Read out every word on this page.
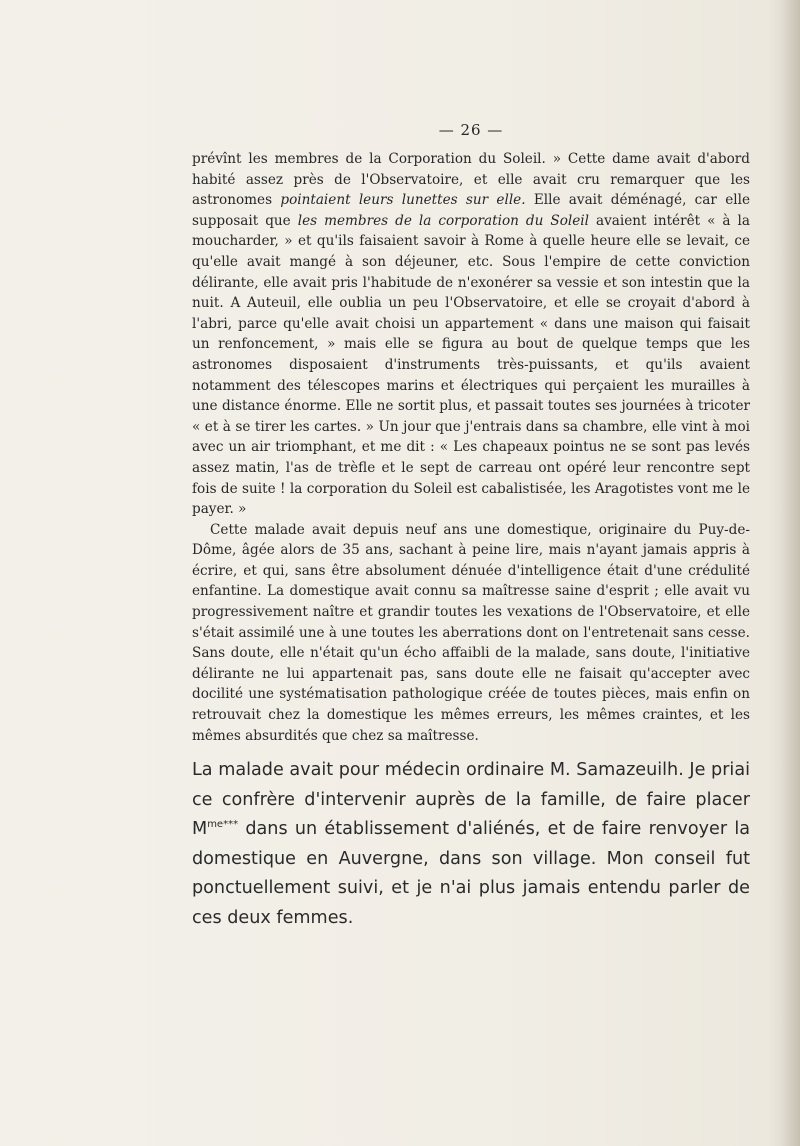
— 26 —

prévînt les membres de la Corporation du Soleil. » Cette dame avait d'abord habité assez près de l'Observatoire, et elle avait cru remarquer que les astronomes pointaient leurs lunettes sur elle. Elle avait déménagé, car elle supposait que les membres de la corporation du Soleil avaient intérêt « à la moucharder, » et qu'ils faisaient savoir à Rome à quelle heure elle se levait, ce qu'elle avait mangé à son déjeuner, etc. Sous l'empire de cette conviction délirante, elle avait pris l'habitude de n'exonérer sa vessie et son intestin que la nuit. A Auteuil, elle oublia un peu l'Observatoire, et elle se croyait d'abord à l'abri, parce qu'elle avait choisi un appartement « dans une maison qui faisait un renfoncement, » mais elle se figura au bout de quelque temps que les astronomes disposaient d'instruments très-puissants, et qu'ils avaient notamment des télescopes marins et électriques qui perçaient les murailles à une distance énorme. Elle ne sortit plus, et passait toutes ses journées à tricoter « et à se tirer les cartes. » Un jour que j'entrais dans sa chambre, elle vint à moi avec un air triomphant, et me dit : « Les chapeaux pointus ne se sont pas levés assez matin, l'as de trèfle et le sept de carreau ont opéré leur rencontre sept fois de suite ! la corporation du Soleil est cabalistisée, les Aragotistes vont me le payer. »

Cette malade avait depuis neuf ans une domestique, originaire du Puy-de-Dôme, âgée alors de 35 ans, sachant à peine lire, mais n'ayant jamais appris à écrire, et qui, sans être absolument dénuée d'intelligence était d'une crédulité enfantine. La domestique avait connu sa maîtresse saine d'esprit ; elle avait vu progressivement naître et grandir toutes les vexations de l'Observatoire, et elle s'était assimilé une à une toutes les aberrations dont on l'entretenait sans cesse. Sans doute, elle n'était qu'un écho affaibli de la malade, sans doute, l'initiative délirante ne lui appartenait pas, sans doute elle ne faisait qu'accepter avec docilité une systématisation pathologique créée de toutes pièces, mais enfin on retrouvait chez la domestique les mêmes erreurs, les mêmes craintes, et les mêmes absurdités que chez sa maîtresse.

La malade avait pour médecin ordinaire M. Samazeuilh. Je priai ce confrère d'intervenir auprès de la famille, de faire placer $M^{me***}$ dans un établissement d'aliénés, et de faire renvoyer la domestique en Auvergne, dans son village. Mon conseil fut ponctuellement suivi, et je n'ai plus jamais entendu parler de ces deux femmes.
